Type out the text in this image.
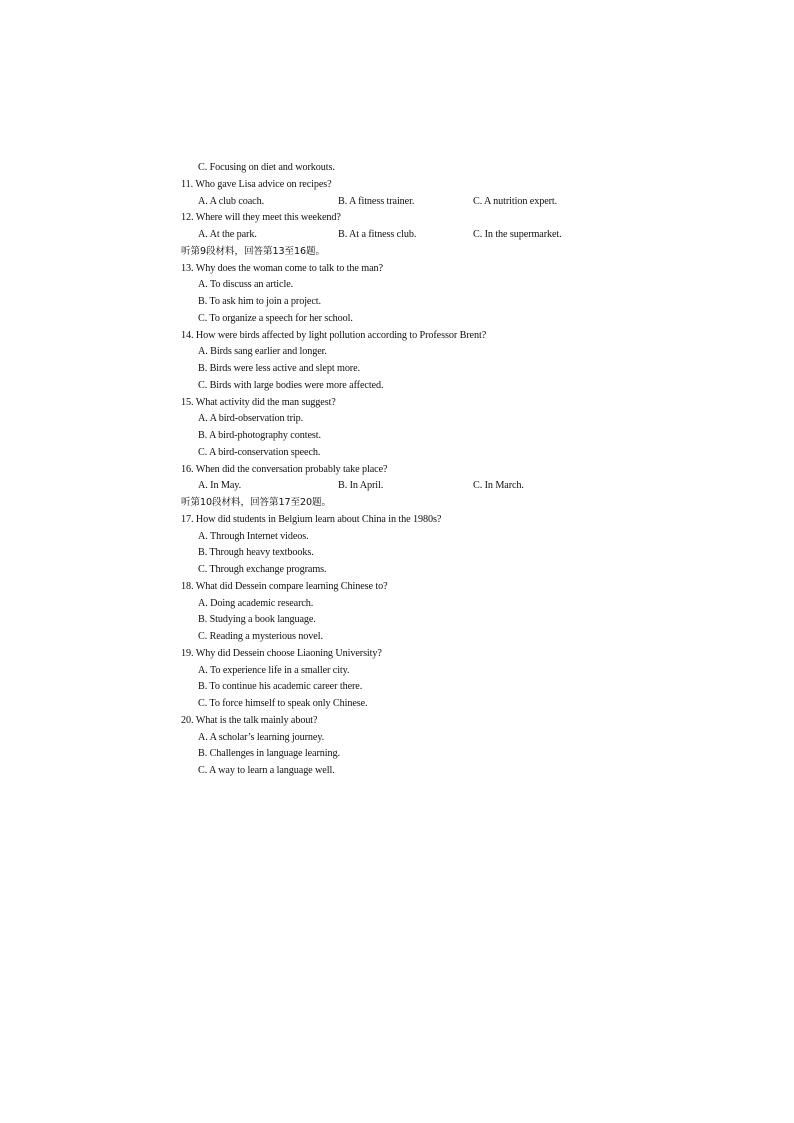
C. Focusing on diet and workouts.
11. Who gave Lisa advice on recipes?
A. A club coach.	B. A fitness trainer.	C. A nutrition expert.
12. Where will they meet this weekend?
A. At the park.	B. At a fitness club.	C. In the supermarket.
听第9段材料，回答第13至16题。
13. Why does the woman come to talk to the man?
A. To discuss an article.
B. To ask him to join a project.
C. To organize a speech for her school.
14. How were birds affected by light pollution according to Professor Brent?
A. Birds sang earlier and longer.
B. Birds were less active and slept more.
C. Birds with large bodies were more affected.
15. What activity did the man suggest?
A. A bird-observation trip.
B. A bird-photography contest.
C. A bird-conservation speech.
16. When did the conversation probably take place?
A. In May.	B. In April.	C. In March.
听第10段材料，回答第17至20题。
17. How did students in Belgium learn about China in the 1980s?
A. Through Internet videos.
B. Through heavy textbooks.
C. Through exchange programs.
18. What did Dessein compare learning Chinese to?
A. Doing academic research.
B. Studying a book language.
C. Reading a mysterious novel.
19. Why did Dessein choose Liaoning University?
A. To experience life in a smaller city.
B. To continue his academic career there.
C. To force himself to speak only Chinese.
20. What is the talk mainly about?
A. A scholar’s learning journey.
B. Challenges in language learning.
C. A way to learn a language well.
